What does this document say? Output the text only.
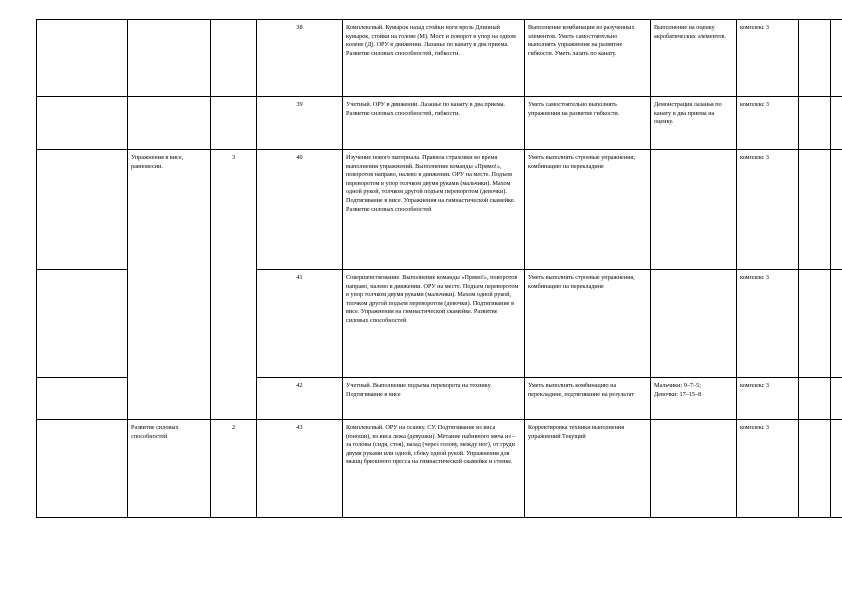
			38	Комплексный. Кувырок назад стойки ноги врозь Длинный кувырок, стойки на голове (М). Мост и поворот в упор на одном колене (Д). ОРУ в движении. Лазанье по канату в два приема. Развитие силовых способностей, гибкости.	Выполнение комбинации из разученных элементов. Уметь самостоятельно выполнять упражнения на развитие гибкости. Уметь лазать по канату.	Выполнение на оценку акробатических элементов.	комплекс 3		
			39	Учетный. ОРУ в движении. Лазанье по канату в два приема. Развитие силовых способностей, гибкости.	Уметь самостоятельно выполнять упражнения на развитие гибкости.	Демонстрация лазанья по канату в два приема на оценку.	комплекс 3		
	Упражнения в висе, равновесии.	3	40	Изучение нового материала. Правила страховки во время выполнения упражнений. Выполнение команды «Прямо!», поворотов направо, налево в движении. ОРУ на месте. Подъем переворотом в упор толчком двумя руками (мальчики). Махом одной рукой, толчком другой подъем переворотом (девочки). Подтягивание в висе. Упражнения на гимнастической скамейке. Развитие силовых способностей	Уметь выполнять строевые упражнения; комбинацию на перекладине		комплекс 3		
			41	Совершенствование. Выполнение команды «Прямо!», поворотов направо, налево в движении. ОРУ на месте. Подъем переворотом в упор толчком двумя руками (мальчики). Махом одной рукой, толчком другой подъем переворотом (девочки). Подтягивание в висе. Упражнения на гимнастической скамейке. Развитие силовых способностей	Уметь выполнять строевые упражнения, комбинацию на перекладине		комплекс 3		
			42	Учетный. Выполнение подъема переворота на технику. Подтягивание в висе	Уметь выполнять комбинацию на перекладине, подтягивание на результат	Мальчики: 9–7–5;
Девочки: 17–15–8	комплекс 3		
	Развитие силовых способностей	2	43	Комплексный. ОРУ на осанку. СУ. Подтягивание из виса (юноши), из виса лежа (девушки). Метание набивного мяча из – за головы (сидя, стоя), назад (через голову, между ног), от груди двумя руками или одной, сбоку одной рукой. Упражнения для мышц брюшного пресса на гимнастической скамейке и стенке.	Корректировка техники выполнения упражнений Текущий		комплекс 3		
